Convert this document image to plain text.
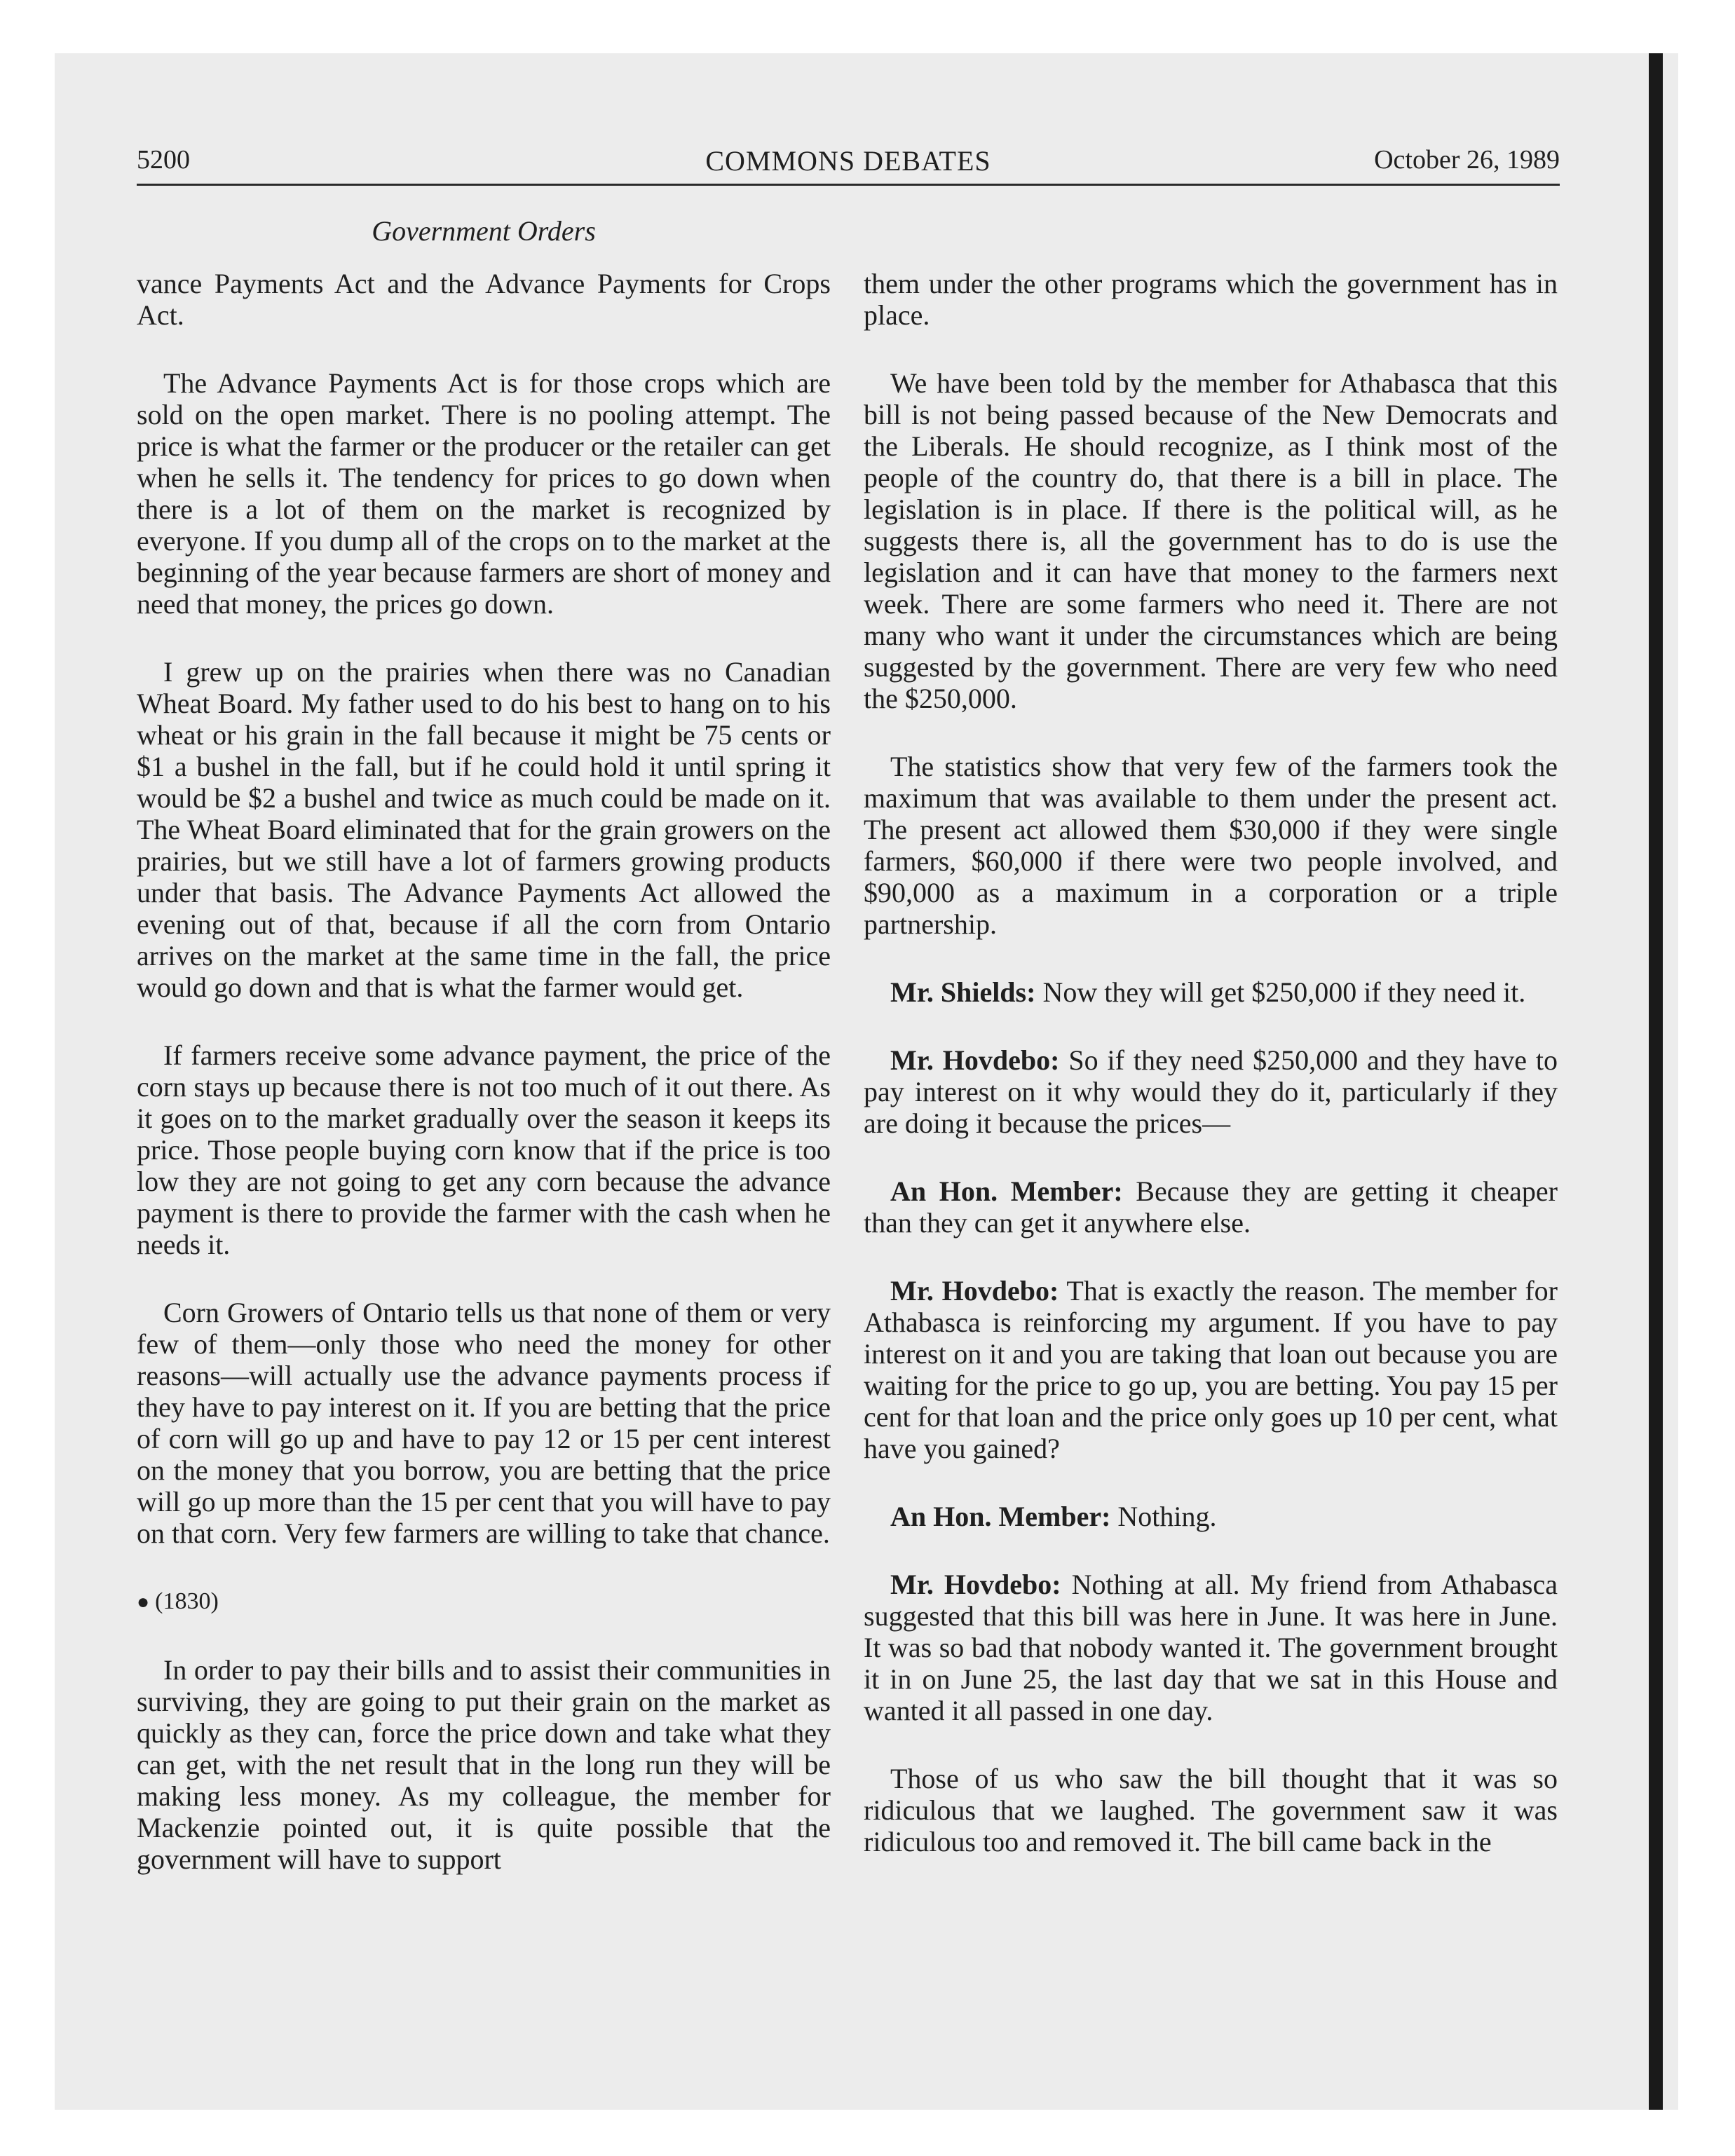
5200	COMMONS DEBATES	October 26, 1989
Government Orders

vance Payments Act and the Advance Payments for Crops Act.

The Advance Payments Act is for those crops which are sold on the open market. There is no pooling attempt. The price is what the farmer or the producer or the retailer can get when he sells it. The tendency for prices to go down when there is a lot of them on the market is recognized by everyone. If you dump all of the crops on to the market at the beginning of the year because farmers are short of money and need that money, the prices go down.

I grew up on the prairies when there was no Canadian Wheat Board. My father used to do his best to hang on to his wheat or his grain in the fall because it might be 75 cents or $1 a bushel in the fall, but if he could hold it until spring it would be $2 a bushel and twice as much could be made on it. The Wheat Board eliminated that for the grain growers on the prairies, but we still have a lot of farmers growing products under that basis. The Advance Payments Act allowed the evening out of that, because if all the corn from Ontario arrives on the market at the same time in the fall, the price would go down and that is what the farmer would get.

If farmers receive some advance payment, the price of the corn stays up because there is not too much of it out there. As it goes on to the market gradually over the season it keeps its price. Those people buying corn know that if the price is too low they are not going to get any corn because the advance payment is there to provide the farmer with the cash when he needs it.

Corn Growers of Ontario tells us that none of them or very few of them—only those who need the money for other reasons—will actually use the advance payments process if they have to pay interest on it. If you are betting that the price of corn will go up and have to pay 12 or 15 per cent interest on the money that you borrow, you are betting that the price will go up more than the 15 per cent that you will have to pay on that corn. Very few farmers are willing to take that chance.

● (1830)

In order to pay their bills and to assist their communities in surviving, they are going to put their grain on the market as quickly as they can, force the price down and take what they can get, with the net result that in the long run they will be making less money. As my colleague, the member for Mackenzie pointed out, it is quite possible that the government will have to support

them under the other programs which the government has in place.

We have been told by the member for Athabasca that this bill is not being passed because of the New Democrats and the Liberals. He should recognize, as I think most of the people of the country do, that there is a bill in place. The legislation is in place. If there is the political will, as he suggests there is, all the government has to do is use the legislation and it can have that money to the farmers next week. There are some farmers who need it. There are not many who want it under the circumstances which are being suggested by the government. There are very few who need the $250,000.

The statistics show that very few of the farmers took the maximum that was available to them under the present act. The present act allowed them $30,000 if they were single farmers, $60,000 if there were two people involved, and $90,000 as a maximum in a corporation or a triple partnership.

Mr. Shields: Now they will get $250,000 if they need it.

Mr. Hovdebo: So if they need $250,000 and they have to pay interest on it why would they do it, particularly if they are doing it because the prices—

An Hon. Member: Because they are getting it cheaper than they can get it anywhere else.

Mr. Hovdebo: That is exactly the reason. The member for Athabasca is reinforcing my argument. If you have to pay interest on it and you are taking that loan out because you are waiting for the price to go up, you are betting. You pay 15 per cent for that loan and the price only goes up 10 per cent, what have you gained?

An Hon. Member: Nothing.

Mr. Hovdebo: Nothing at all. My friend from Athabasca suggested that this bill was here in June. It was here in June. It was so bad that nobody wanted it. The government brought it in on June 25, the last day that we sat in this House and wanted it all passed in one day.

Those of us who saw the bill thought that it was so ridiculous that we laughed. The government saw it was ridiculous too and removed it. The bill came back in the
